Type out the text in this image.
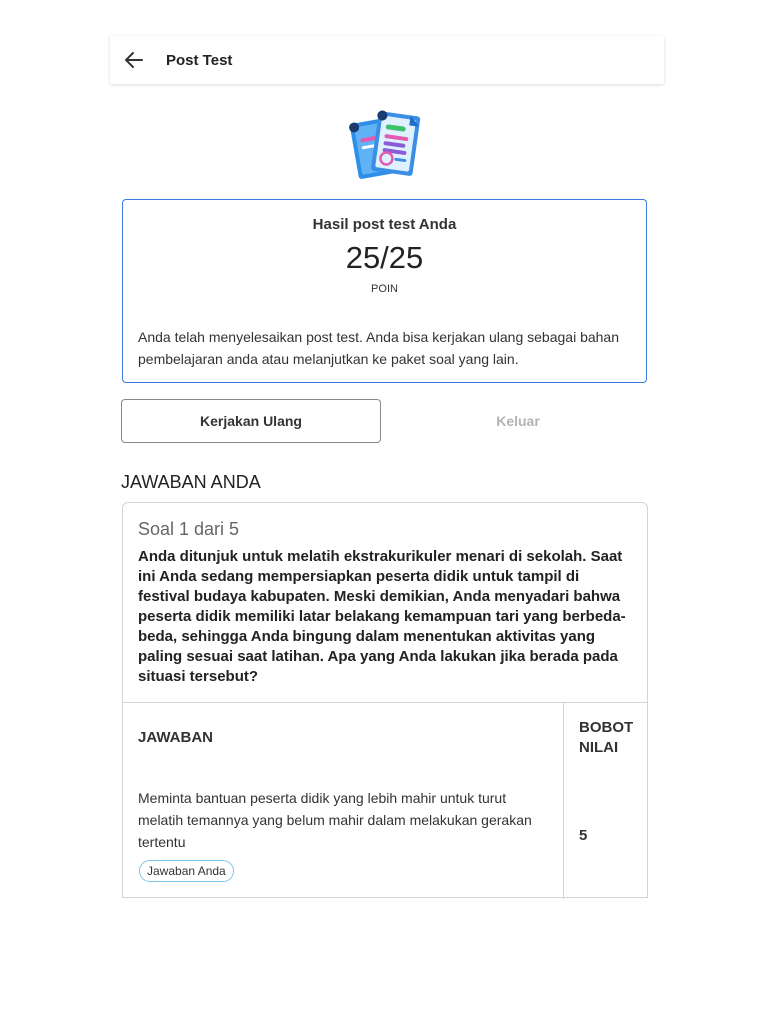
Post Test
Hasil post test Anda
25/25
POIN
Anda telah menyelesaikan post test. Anda bisa kerjakan ulang sebagai bahan pembelajaran anda atau melanjutkan ke paket soal yang lain.
Kerjakan Ulang	Keluar
JAWABAN ANDA
Soal 1 dari 5
Anda ditunjuk untuk melatih ekstrakurikuler menari di sekolah. Saat ini Anda sedang mempersiapkan peserta didik untuk tampil di festival budaya kabupaten. Meski demikian, Anda menyadari bahwa peserta didik memiliki latar belakang kemampuan tari yang berbeda-beda, sehingga Anda bingung dalam menentukan aktivitas yang paling sesuai saat latihan. Apa yang Anda lakukan jika berada pada situasi tersebut?
JAWABAN
BOBOT NILAI
Meminta bantuan peserta didik yang lebih mahir untuk turut melatih temannya yang belum mahir dalam melakukan gerakan tertentu
Jawaban Anda
5
